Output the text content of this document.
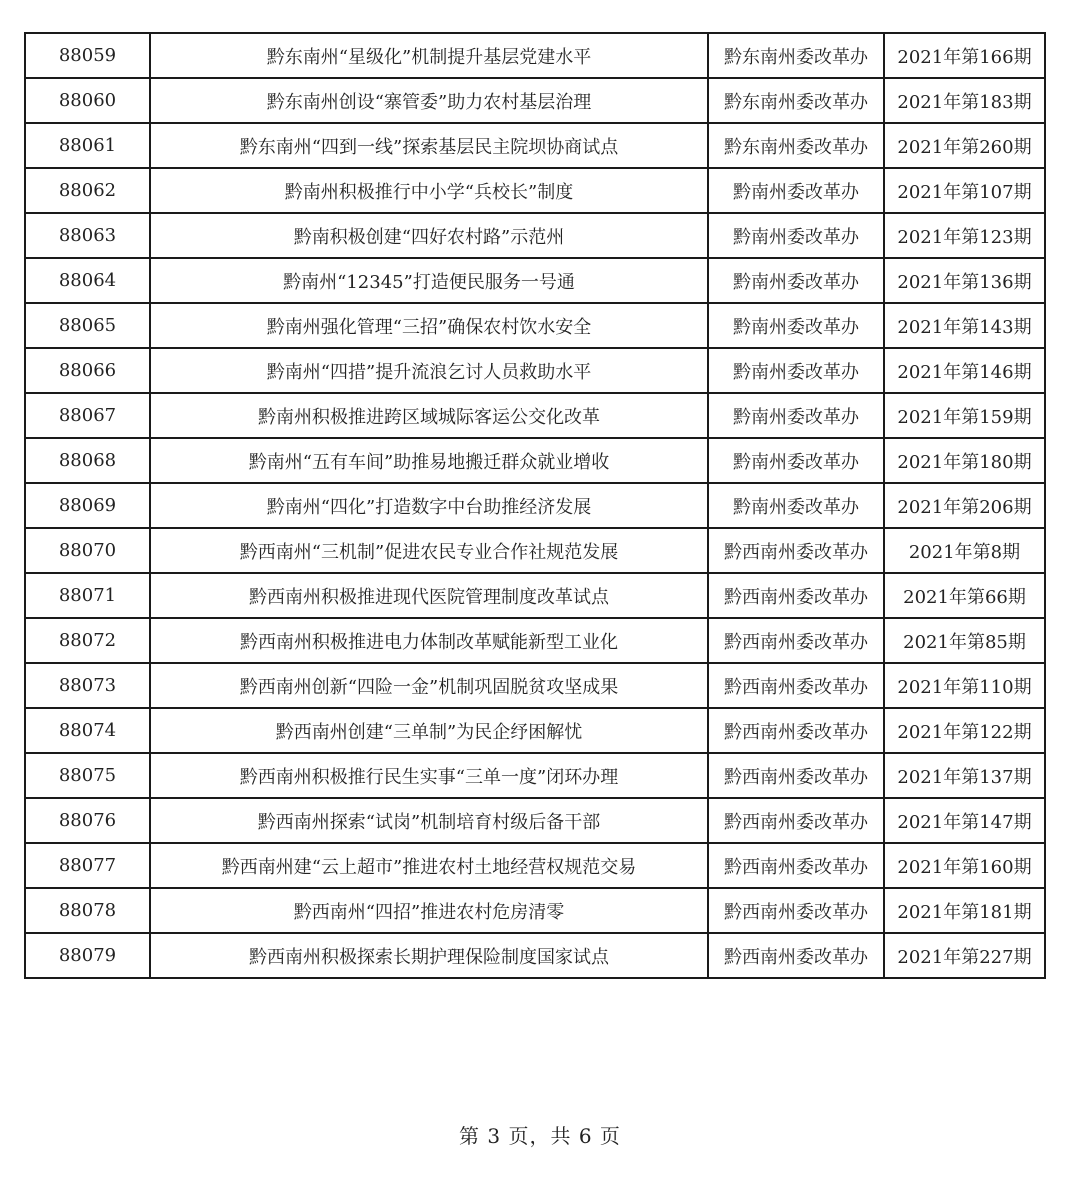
88059	黔东南州“星级化”机制提升基层党建水平	黔东南州委改革办	2021年第166期
88060	黔东南州创设“寨管委”助力农村基层治理	黔东南州委改革办	2021年第183期
88061	黔东南州“四到一线”探索基层民主院坝协商试点	黔东南州委改革办	2021年第260期
88062	黔南州积极推行中小学“兵校长”制度	黔南州委改革办	2021年第107期
88063	黔南积极创建“四好农村路”示范州	黔南州委改革办	2021年第123期
88064	黔南州“12345”打造便民服务一号通	黔南州委改革办	2021年第136期
88065	黔南州强化管理“三招”确保农村饮水安全	黔南州委改革办	2021年第143期
88066	黔南州“四措”提升流浪乞讨人员救助水平	黔南州委改革办	2021年第146期
88067	黔南州积极推进跨区域城际客运公交化改革	黔南州委改革办	2021年第159期
88068	黔南州“五有车间”助推易地搬迁群众就业增收	黔南州委改革办	2021年第180期
88069	黔南州“四化”打造数字中台助推经济发展	黔南州委改革办	2021年第206期
88070	黔西南州“三机制”促进农民专业合作社规范发展	黔西南州委改革办	2021年第8期
88071	黔西南州积极推进现代医院管理制度改革试点	黔西南州委改革办	2021年第66期
88072	黔西南州积极推进电力体制改革赋能新型工业化	黔西南州委改革办	2021年第85期
88073	黔西南州创新“四险一金”机制巩固脱贫攻坚成果	黔西南州委改革办	2021年第110期
88074	黔西南州创建“三单制”为民企纾困解忧	黔西南州委改革办	2021年第122期
88075	黔西南州积极推行民生实事“三单一度”闭环办理	黔西南州委改革办	2021年第137期
88076	黔西南州探索“试岗”机制培育村级后备干部	黔西南州委改革办	2021年第147期
88077	黔西南州建“云上超市”推进农村土地经营权规范交易	黔西南州委改革办	2021年第160期
88078	黔西南州“四招”推进农村危房清零	黔西南州委改革办	2021年第181期
88079	黔西南州积极探索长期护理保险制度国家试点	黔西南州委改革办	2021年第227期
第 3 页，共 6 页
